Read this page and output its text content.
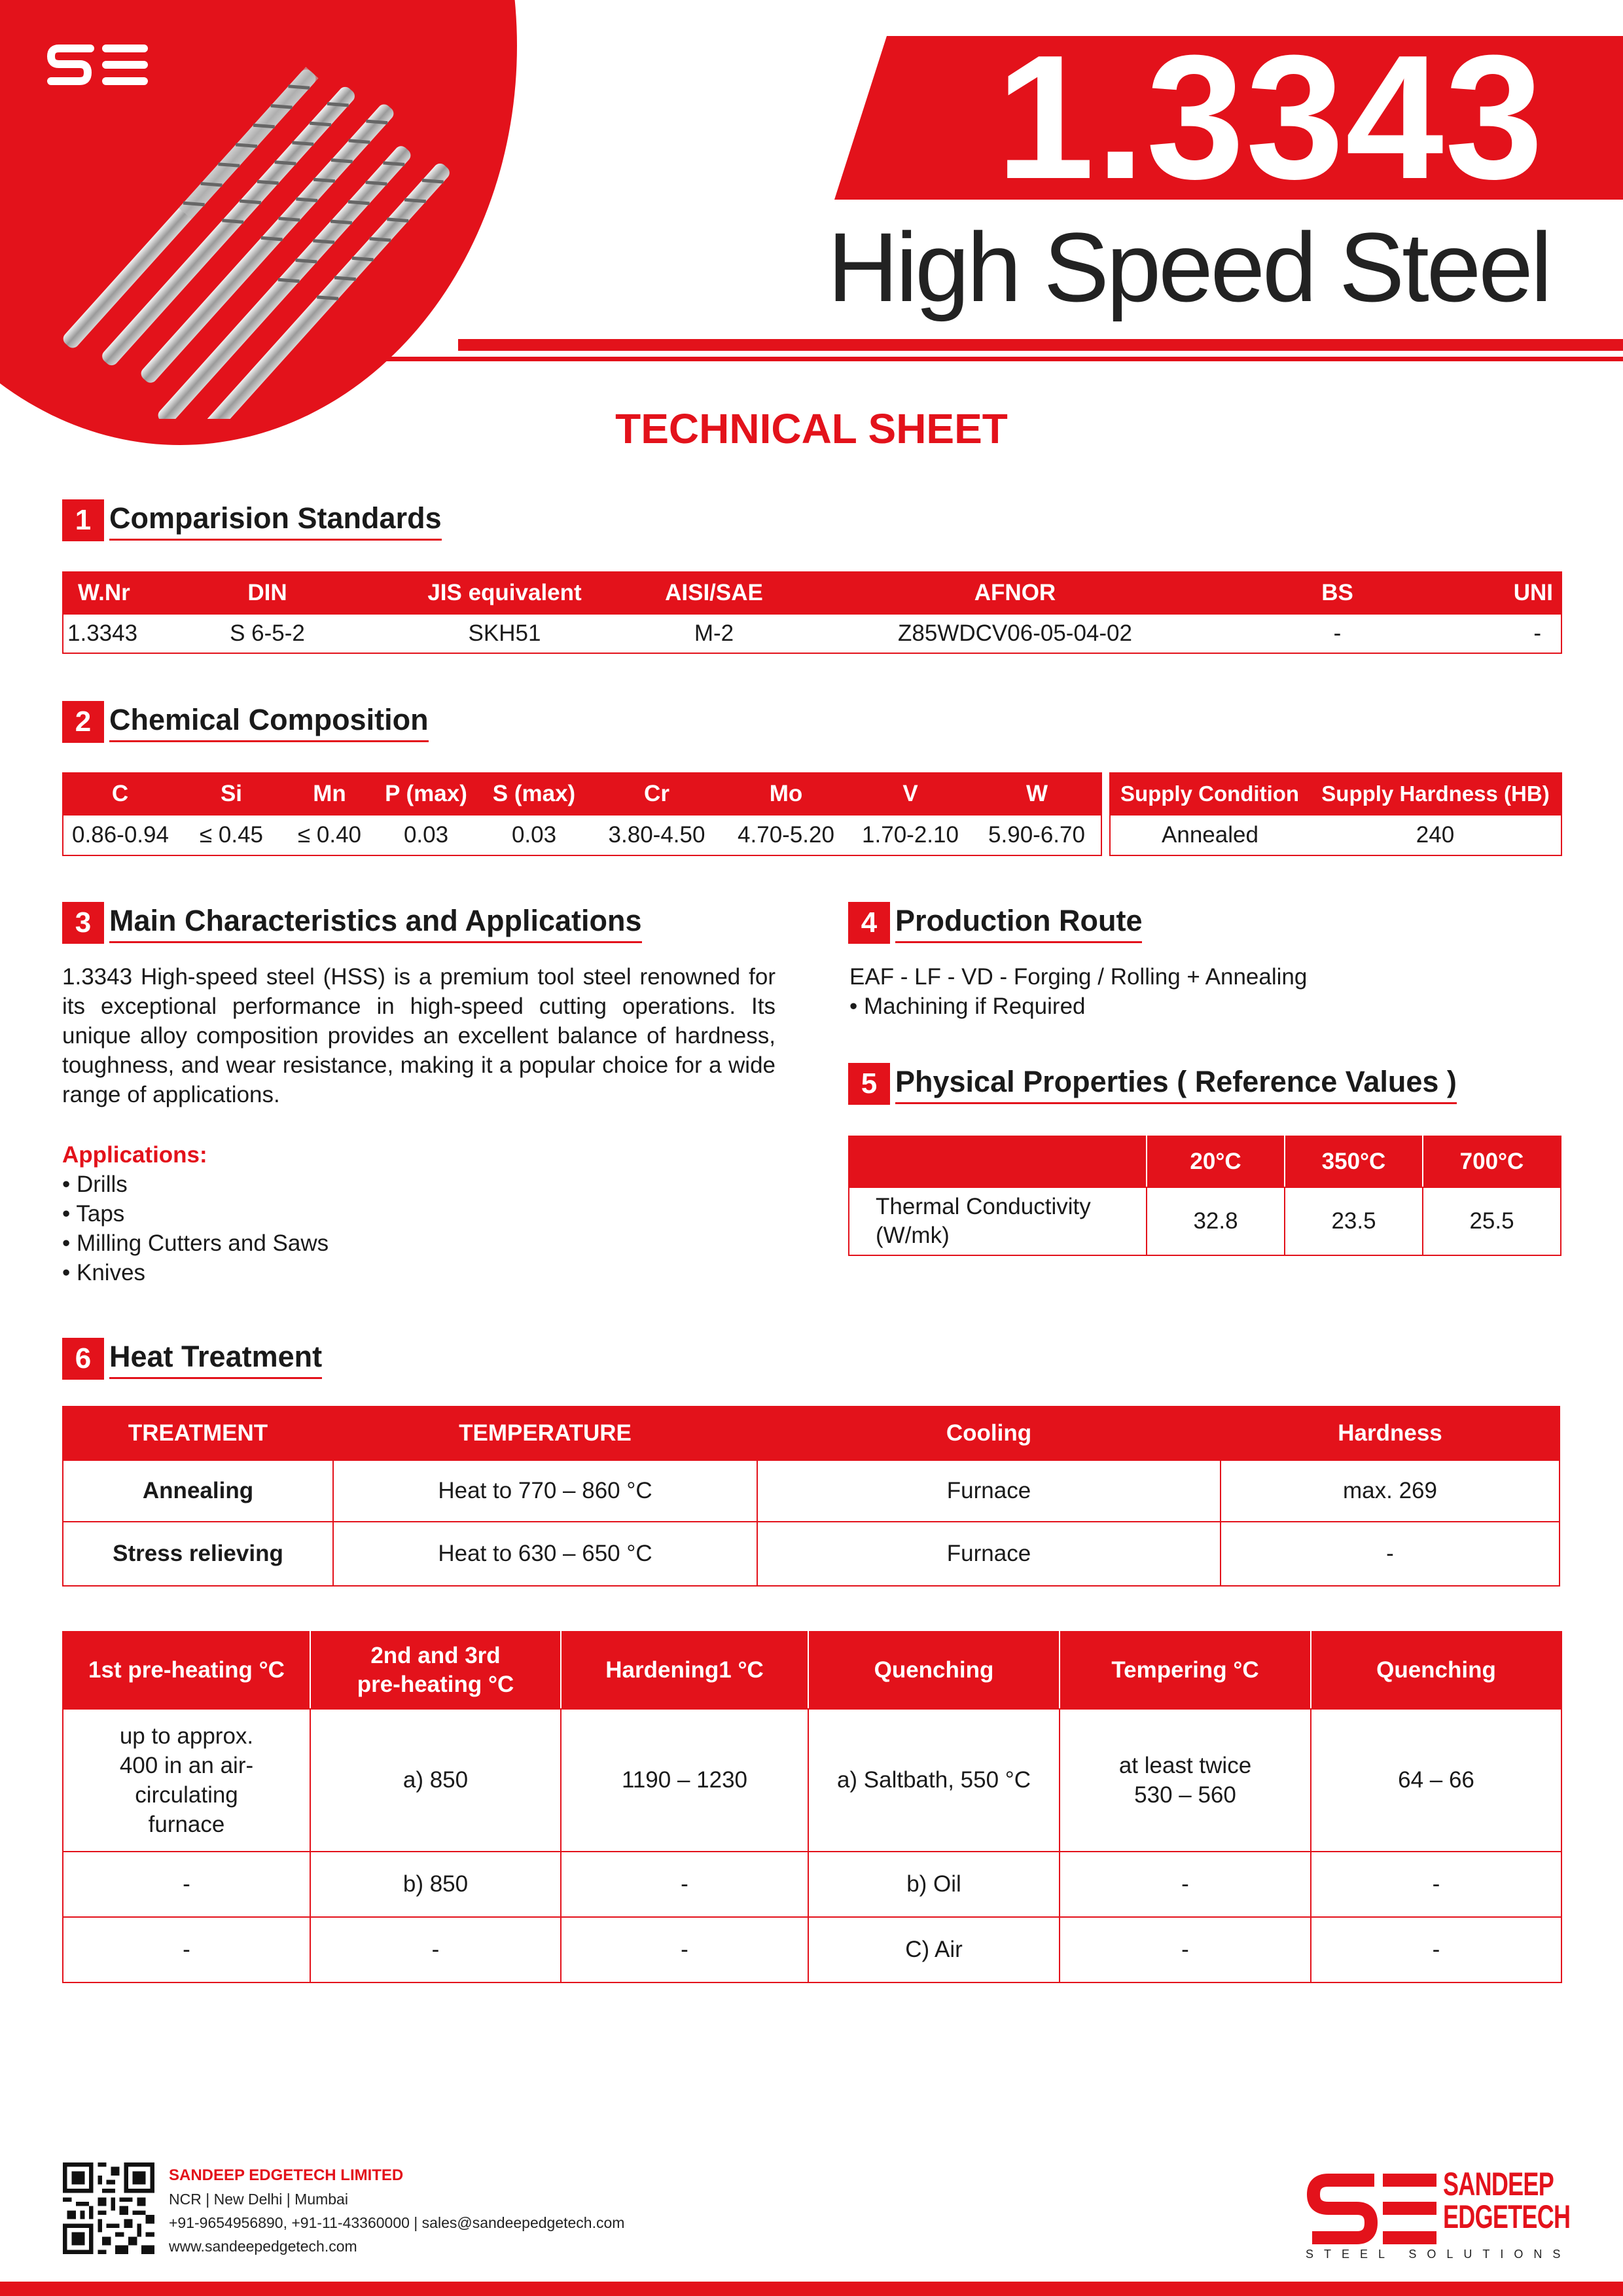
1.3343
High Speed Steel
TECHNICAL SHEET
1 Comparision Standards
W.Nr	DIN	JIS equivalent	AISI/SAE	AFNOR	BS	UNI
1.3343	S 6-5-2	SKH51	M-2	Z85WDCV06-05-04-02	-	-
2 Chemical Composition
C	Si	Mn	P (max)	S (max)	Cr	Mo	V	W
0.86-0.94	≤ 0.45	≤ 0.40	0.03	0.03	3.80-4.50	4.70-5.20	1.70-2.10	5.90-6.70
Supply Condition	Supply Hardness (HB)
Annealed	240
3 Main Characteristics and Applications
1.3343 High-speed steel (HSS) is a premium tool steel renowned for its exceptional performance in high-speed cutting operations. Its unique alloy composition provides an excellent balance of hardness, toughness, and wear resistance, making it a popular choice for a wide range of applications.
Applications:
• Drills
• Taps
• Milling Cutters and Saws
• Knives
4 Production Route
EAF - LF - VD - Forging / Rolling + Annealing
• Machining if Required
5 Physical Properties ( Reference Values )
	20°C	350°C	700°C
Thermal Conductivity (W/mk)	32.8	23.5	25.5
6 Heat Treatment
TREATMENT	TEMPERATURE	Cooling	Hardness
Annealing	Heat to 770 – 860 °C	Furnace	max. 269
Stress relieving	Heat to 630 – 650 °C	Furnace	-
1st pre-heating °C	2nd and 3rd pre-heating °C	Hardening1 °C	Quenching	Tempering °C	Quenching
up to approx. 400 in an air-circulating furnace	a) 850	1190 – 1230	a) Saltbath, 550 °C	at least twice 530 – 560	64 – 66
-	b) 850	-	b) Oil	-	-
-	-	-	C) Air	-	-
SANDEEP EDGETECH LIMITED
NCR | New Delhi | Mumbai
+91-9654956890, +91-11-43360000 | sales@sandeepedgetech.com
www.sandeepedgetech.com
SANDEEP
EDGETECH
STEEL SOLUTIONS
